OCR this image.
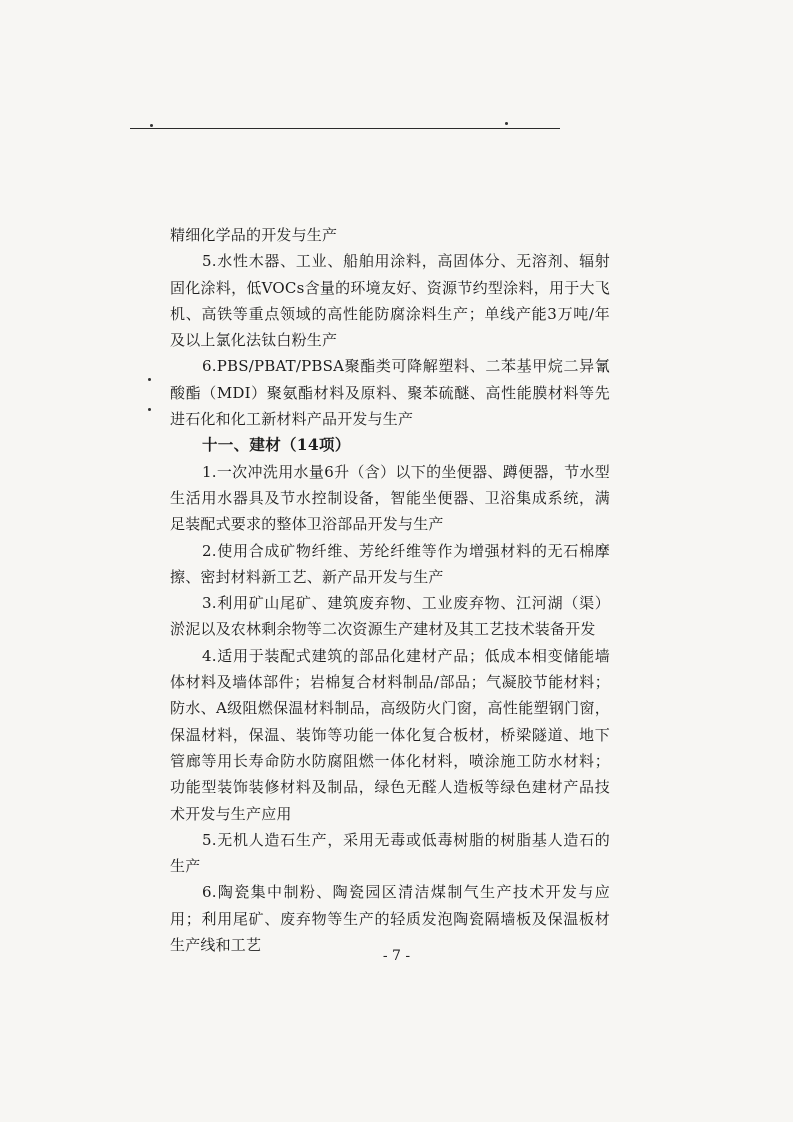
精细化学品的开发与生产

5.水性木器、工业、船舶用涂料，高固体分、无溶剂、辐射固化涂料，低VOCs含量的环境友好、资源节约型涂料，用于大飞机、高铁等重点领域的高性能防腐涂料生产；单线产能3万吨/年及以上氯化法钛白粉生产

6.PBS/PBAT/PBSA聚酯类可降解塑料、二苯基甲烷二异氰酸酯（MDI）聚氨酯材料及原料、聚苯硫醚、高性能膜材料等先进石化和化工新材料产品开发与生产

十一、建材（14项）

1.一次冲洗用水量6升（含）以下的坐便器、蹲便器，节水型生活用水器具及节水控制设备，智能坐便器、卫浴集成系统，满足装配式要求的整体卫浴部品开发与生产

2.使用合成矿物纤维、芳纶纤维等作为增强材料的无石棉摩擦、密封材料新工艺、新产品开发与生产

3.利用矿山尾矿、建筑废弃物、工业废弃物、江河湖（渠）淤泥以及农林剩余物等二次资源生产建材及其工艺技术装备开发

4.适用于装配式建筑的部品化建材产品；低成本相变储能墙体材料及墙体部件；岩棉复合材料制品/部品；气凝胶节能材料；防水、A级阻燃保温材料制品，高级防火门窗，高性能塑钢门窗，保温材料，保温、装饰等功能一体化复合板材，桥梁隧道、地下管廊等用长寿命防水防腐阻燃一体化材料，喷涂施工防水材料；功能型装饰装修材料及制品，绿色无醛人造板等绿色建材产品技术开发与生产应用

5.无机人造石生产，采用无毒或低毒树脂的树脂基人造石的生产

6.陶瓷集中制粉、陶瓷园区清洁煤制气生产技术开发与应用；利用尾矿、废弃物等生产的轻质发泡陶瓷隔墙板及保温板材生产线和工艺

- 7 -
